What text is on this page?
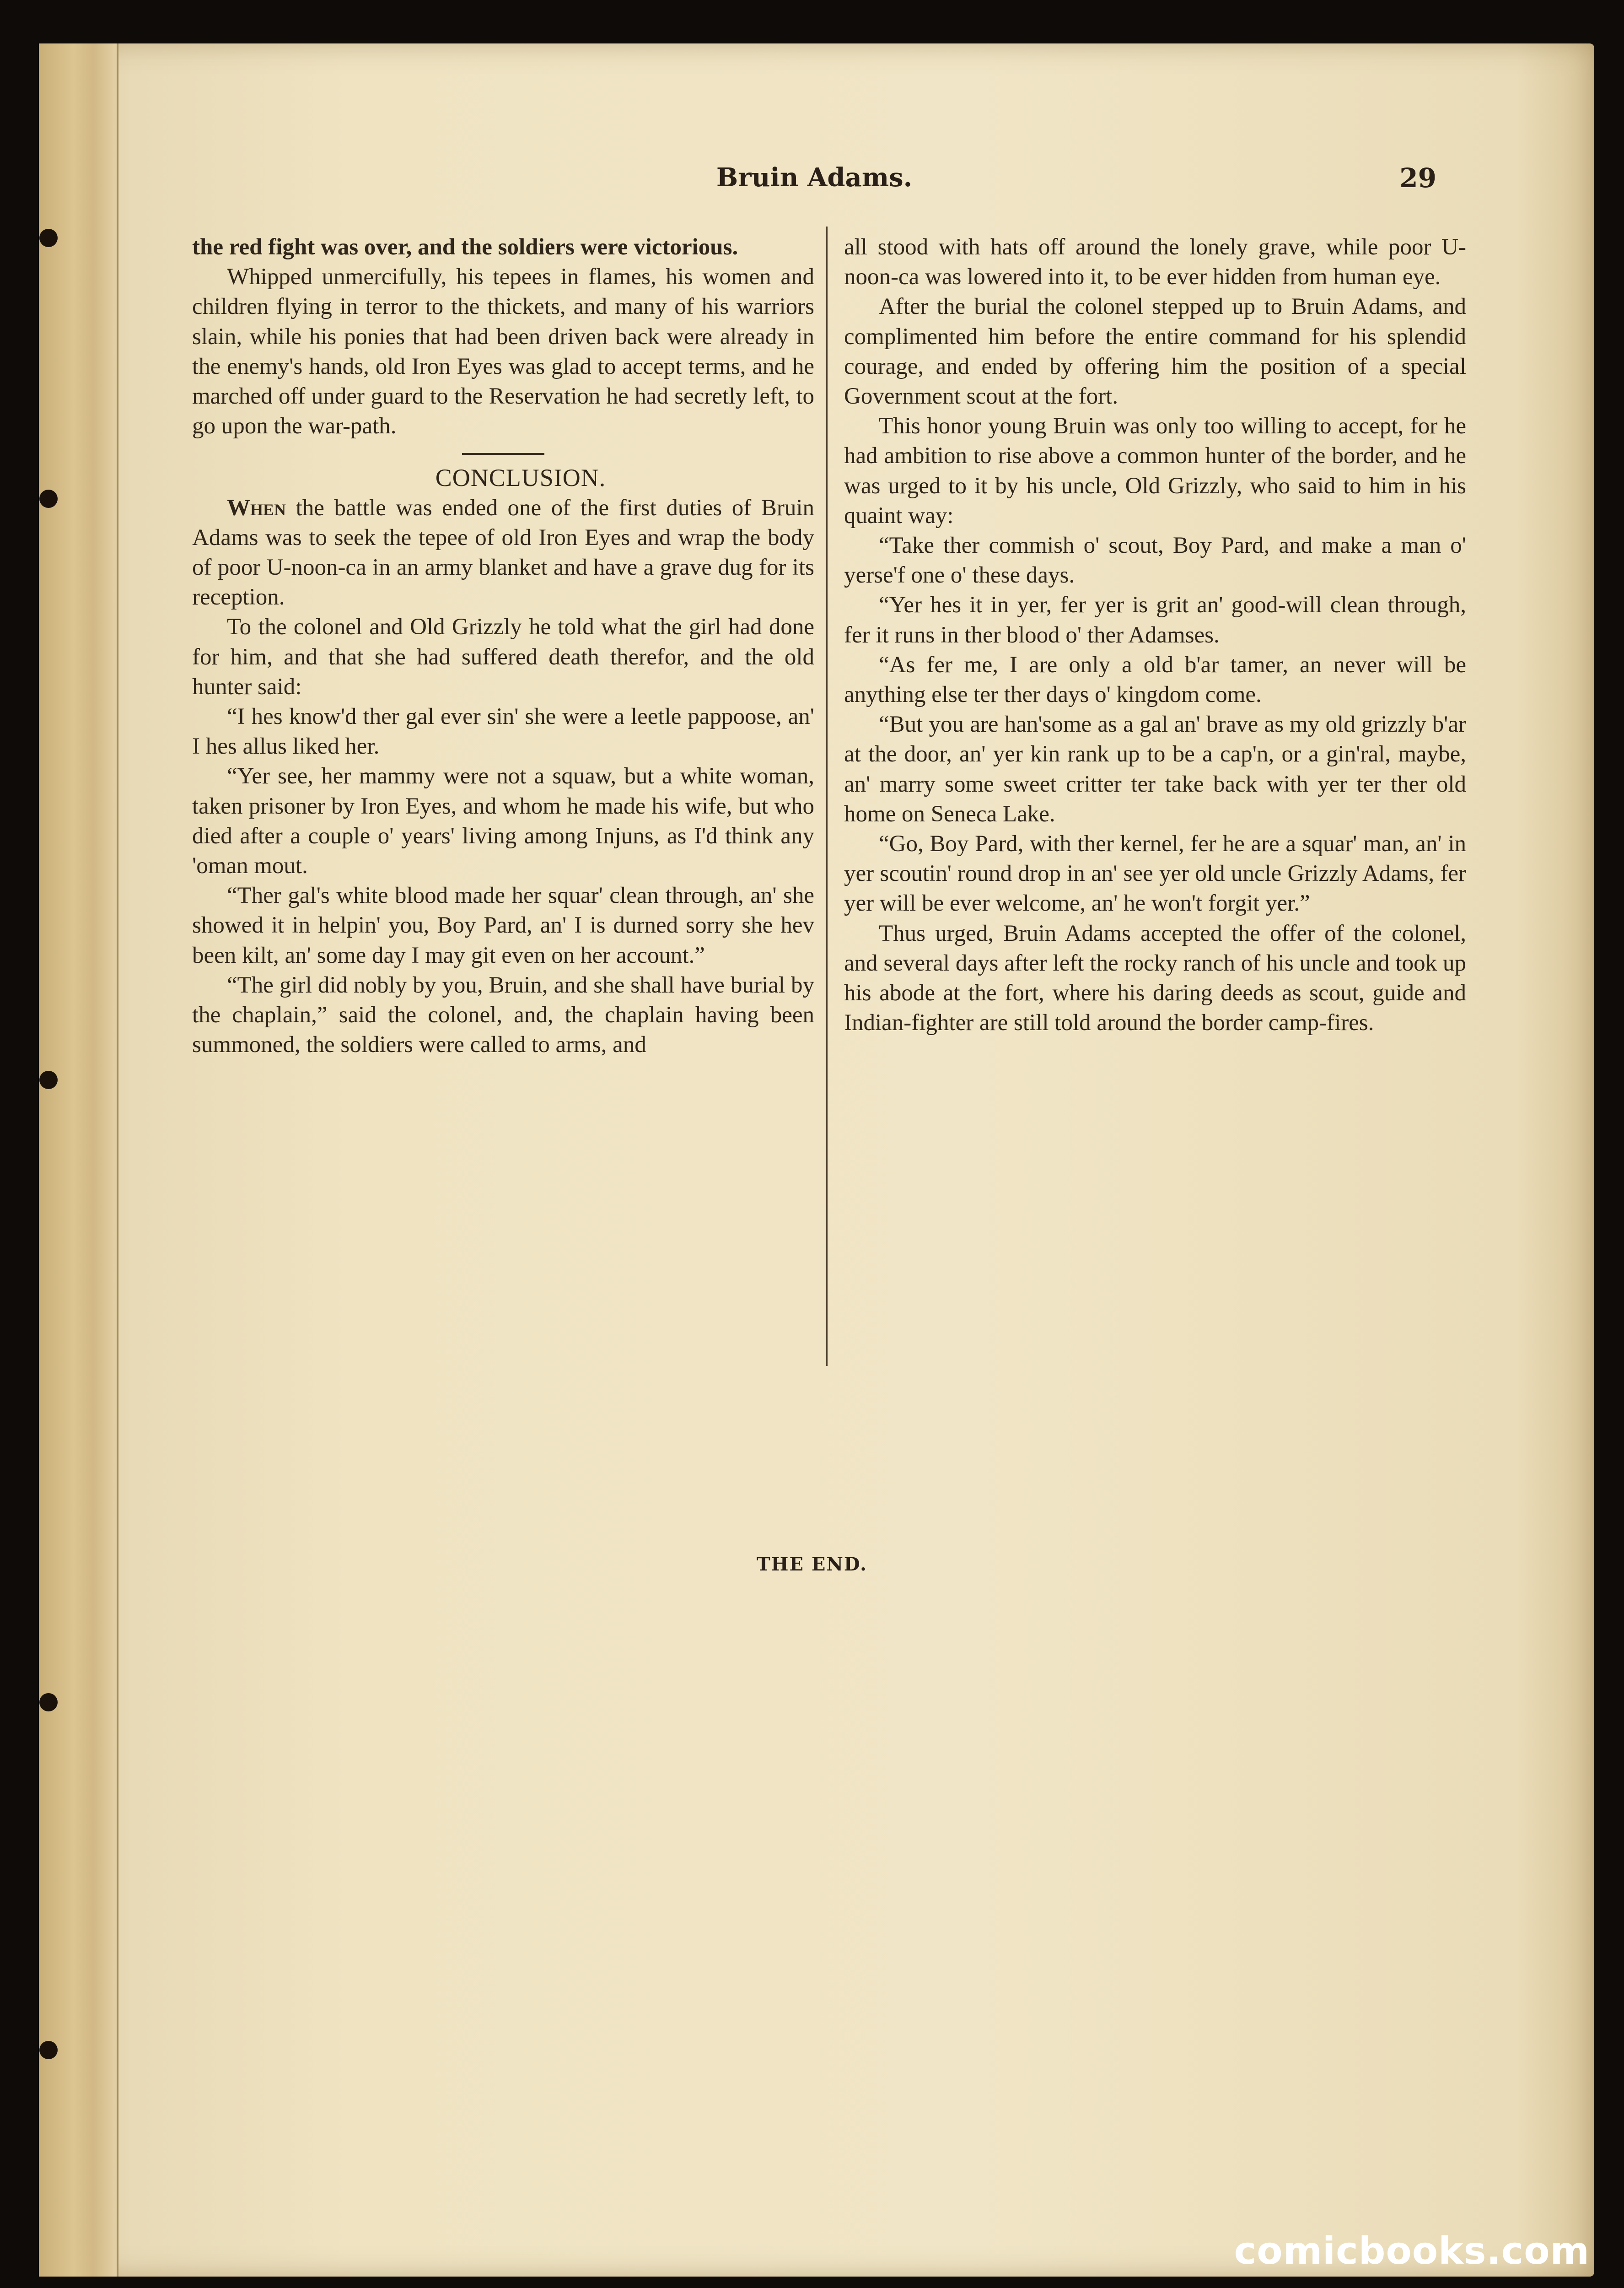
Bruin Adams.	29

the red fight was over, and the soldiers were victorious.

Whipped unmercifully, his tepees in flames, his women and children flying in terror to the thickets, and many of his warriors slain, while his ponies that had been driven back were already in the enemy's hands, old Iron Eyes was glad to accept terms, and he marched off under guard to the Reservation he had secretly left, to go upon the war-path.

CONCLUSION.

When the battle was ended one of the first duties of Bruin Adams was to seek the tepee of old Iron Eyes and wrap the body of poor U-noon-ca in an army blanket and have a grave dug for its reception.

To the colonel and Old Grizzly he told what the girl had done for him, and that she had suffered death therefor, and the old hunter said:

“I hes know'd ther gal ever sin' she were a leetle pappoose, an' I hes allus liked her.

“Yer see, her mammy were not a squaw, but a white woman, taken prisoner by Iron Eyes, and whom he made his wife, but who died after a couple o' years' living among Injuns, as I'd think any 'oman mout.

“Ther gal's white blood made her squar' clean through, an' she showed it in helpin' you, Boy Pard, an' I is durned sorry she hev been kilt, an' some day I may git even on her account.”

“The girl did nobly by you, Bruin, and she shall have burial by the chaplain,” said the colonel, and, the chaplain having been summoned, the soldiers were called to arms, and

all stood with hats off around the lonely grave, while poor U-noon-ca was lowered into it, to be ever hidden from human eye.

After the burial the colonel stepped up to Bruin Adams, and complimented him before the entire command for his splendid courage, and ended by offering him the position of a special Government scout at the fort.

This honor young Bruin was only too willing to accept, for he had ambition to rise above a common hunter of the border, and he was urged to it by his uncle, Old Grizzly, who said to him in his quaint way:

“Take ther commish o' scout, Boy Pard, and make a man o' yerse'f one o' these days.

“Yer hes it in yer, fer yer is grit an' good-will clean through, fer it runs in ther blood o' ther Adamses.

“As fer me, I are only a old b'ar tamer, an never will be anything else ter ther days o' kingdom come.

“But you are han'some as a gal an' brave as my old grizzly b'ar at the door, an' yer kin rank up to be a cap'n, or a gin'ral, maybe, an' marry some sweet critter ter take back with yer ter ther old home on Seneca Lake.

“Go, Boy Pard, with ther kernel, fer he are a squar' man, an' in yer scoutin' round drop in an' see yer old uncle Grizzly Adams, fer yer will be ever welcome, an' he won't forgit yer.”

Thus urged, Bruin Adams accepted the offer of the colonel, and several days after left the rocky ranch of his uncle and took up his abode at the fort, where his daring deeds as scout, guide and Indian-fighter are still told around the border camp-fires.

THE END.
comicbooks.com
